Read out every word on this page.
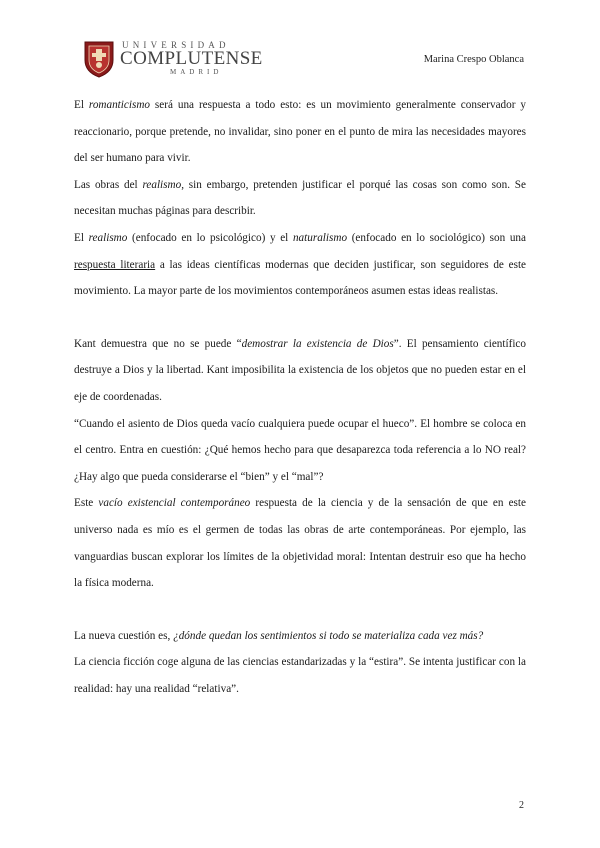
UNIVERSIDAD
COMPLUTENSE
MADRID
Marina Crespo Oblanca

El romanticismo será una respuesta a todo esto: es un movimiento generalmente conservador y reaccionario, porque pretende, no invalidar, sino poner en el punto de mira las necesidades mayores del ser humano para vivir.

Las obras del realismo, sin embargo, pretenden justificar el porqué las cosas son como son. Se necesitan muchas páginas para describir.

El realismo (enfocado en lo psicológico) y el naturalismo (enfocado en lo sociológico) son una respuesta literaria a las ideas científicas modernas que deciden justificar, son seguidores de este movimiento. La mayor parte de los movimientos contemporáneos asumen estas ideas realistas.

Kant demuestra que no se puede “demostrar la existencia de Dios”. El pensamiento científico destruye a Dios y la libertad. Kant imposibilita la existencia de los objetos que no pueden estar en el eje de coordenadas.

“Cuando el asiento de Dios queda vacío cualquiera puede ocupar el hueco”. El hombre se coloca en el centro. Entra en cuestión: ¿Qué hemos hecho para que desaparezca toda referencia a lo NO real? ¿Hay algo que pueda considerarse el “bien” y el “mal”?

Este vacío existencial contemporáneo respuesta de la ciencia y de la sensación de que en este universo nada es mío es el germen de todas las obras de arte contemporáneas. Por ejemplo, las vanguardias buscan explorar los límites de la objetividad moral: Intentan destruir eso que ha hecho la física moderna.

La nueva cuestión es, ¿dónde quedan los sentimientos si todo se materializa cada vez más?

La ciencia ficción coge alguna de las ciencias estandarizadas y la “estira”. Se intenta justificar con la realidad: hay una realidad “relativa”.

2
